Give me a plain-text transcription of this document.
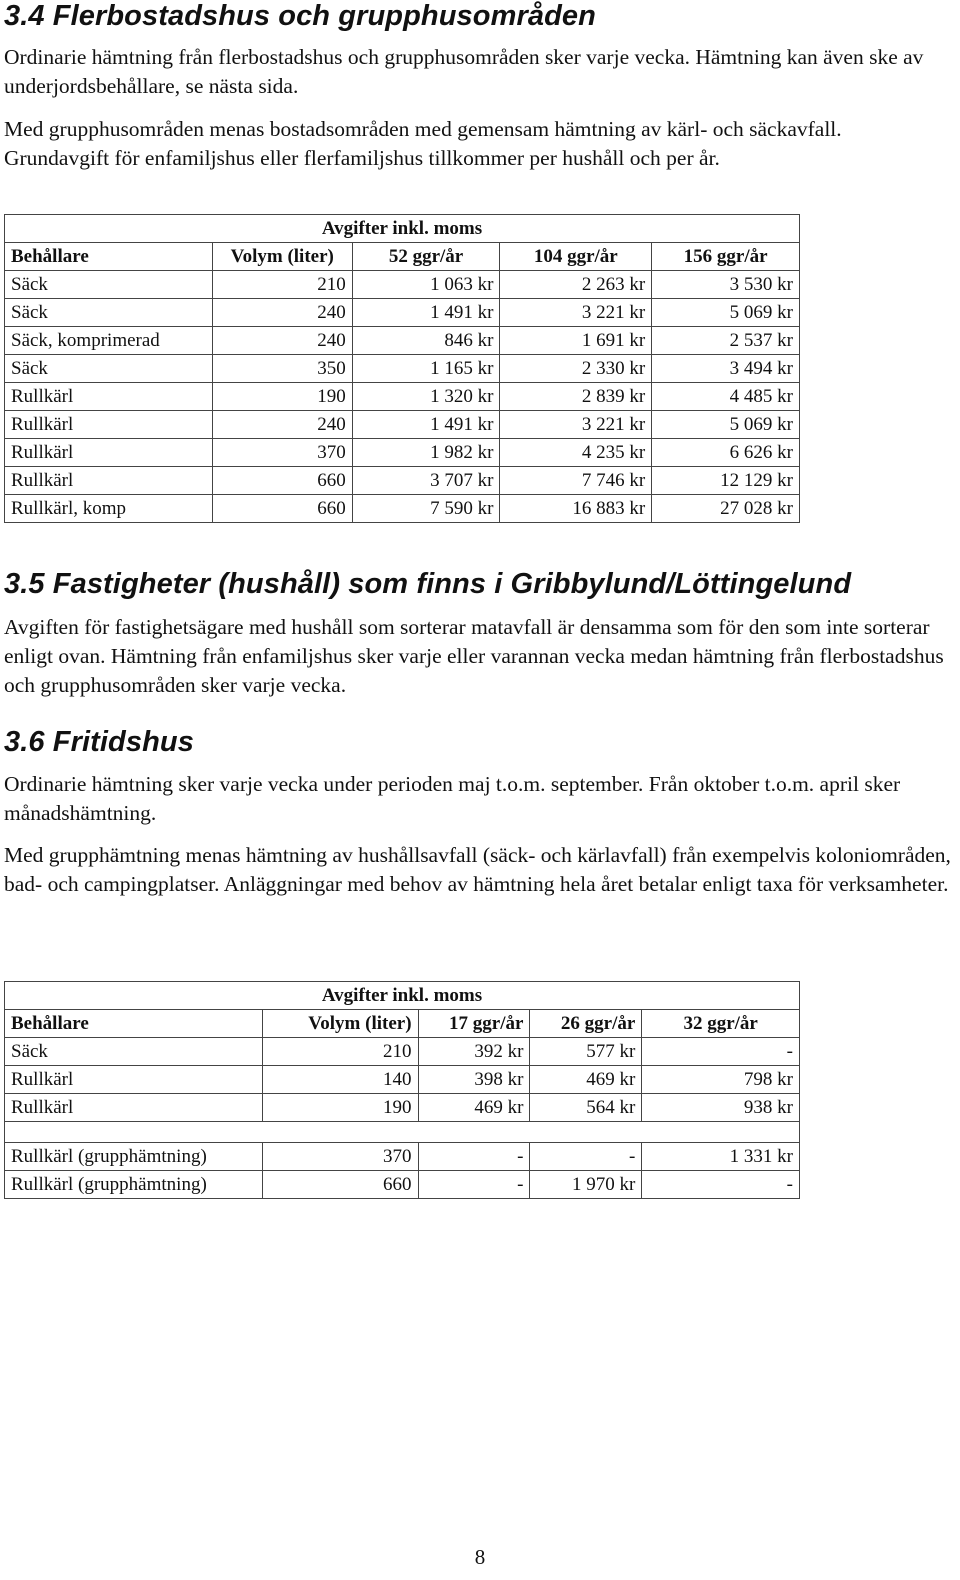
3.4 Flerbostadshus och grupphusområden

Ordinarie hämtning från flerbostadshus och grupphusområden sker varje vecka. Hämtning kan även ske av underjordsbehållare, se nästa sida.

Med grupphusområden menas bostadsområden med gemensam hämtning av kärl- och säckavfall. Grundavgift för enfamiljshus eller flerfamiljshus tillkommer per hushåll och per år.

3.5 Fastigheter (hushåll) som finns i Gribbylund/Löttingelund

Avgiften för fastighetsägare med hushåll som sorterar matavfall är densamma som för den som inte sorterar enligt ovan. Hämtning från enfamiljshus sker varje eller varannan vecka medan hämtning från flerbostadshus och grupphusområden sker varje vecka.

3.6 Fritidshus

Ordinarie hämtning sker varje vecka under perioden maj t.o.m. september. Från oktober t.o.m. april sker månadshämtning.

Med grupphämtning menas hämtning av hushållsavfall (säck- och kärlavfall) från exempelvis koloniområden, bad- och campingplatser. Anläggningar med behov av hämtning hela året betalar enligt taxa för verksamheter.

Avgifter inkl. moms				
Behållare	Volym (liter)	52 ggr/år	104 ggr/år	156 ggr/år
Säck	210	1 063 kr	2 263 kr	3 530 kr
Säck	240	1 491 kr	3 221 kr	5 069 kr
Säck, komprimerad	240	846 kr	1 691 kr	2 537 kr
Säck	350	1 165 kr	2 330 kr	3 494 kr
Rullkärl	190	1 320 kr	2 839 kr	4 485 kr
Rullkärl	240	1 491 kr	3 221 kr	5 069 kr
Rullkärl	370	1 982 kr	4 235 kr	6 626 kr
Rullkärl	660	3 707 kr	7 746 kr	12 129 kr
Rullkärl, komp	660	7 590 kr	16 883 kr	27 028 kr
Avgifter inkl. moms				
Behållare	Volym (liter)	17 ggr/år	26 ggr/år	32 ggr/år
Säck	210	392 kr	577 kr	-
Rullkärl	140	398 kr	469 kr	798 kr
Rullkärl	190	469 kr	564 kr	938 kr

Rullkärl (grupphämtning)	370	-	-	1 331 kr
Rullkärl (grupphämtning)	660	-	1 970 kr	-
8
